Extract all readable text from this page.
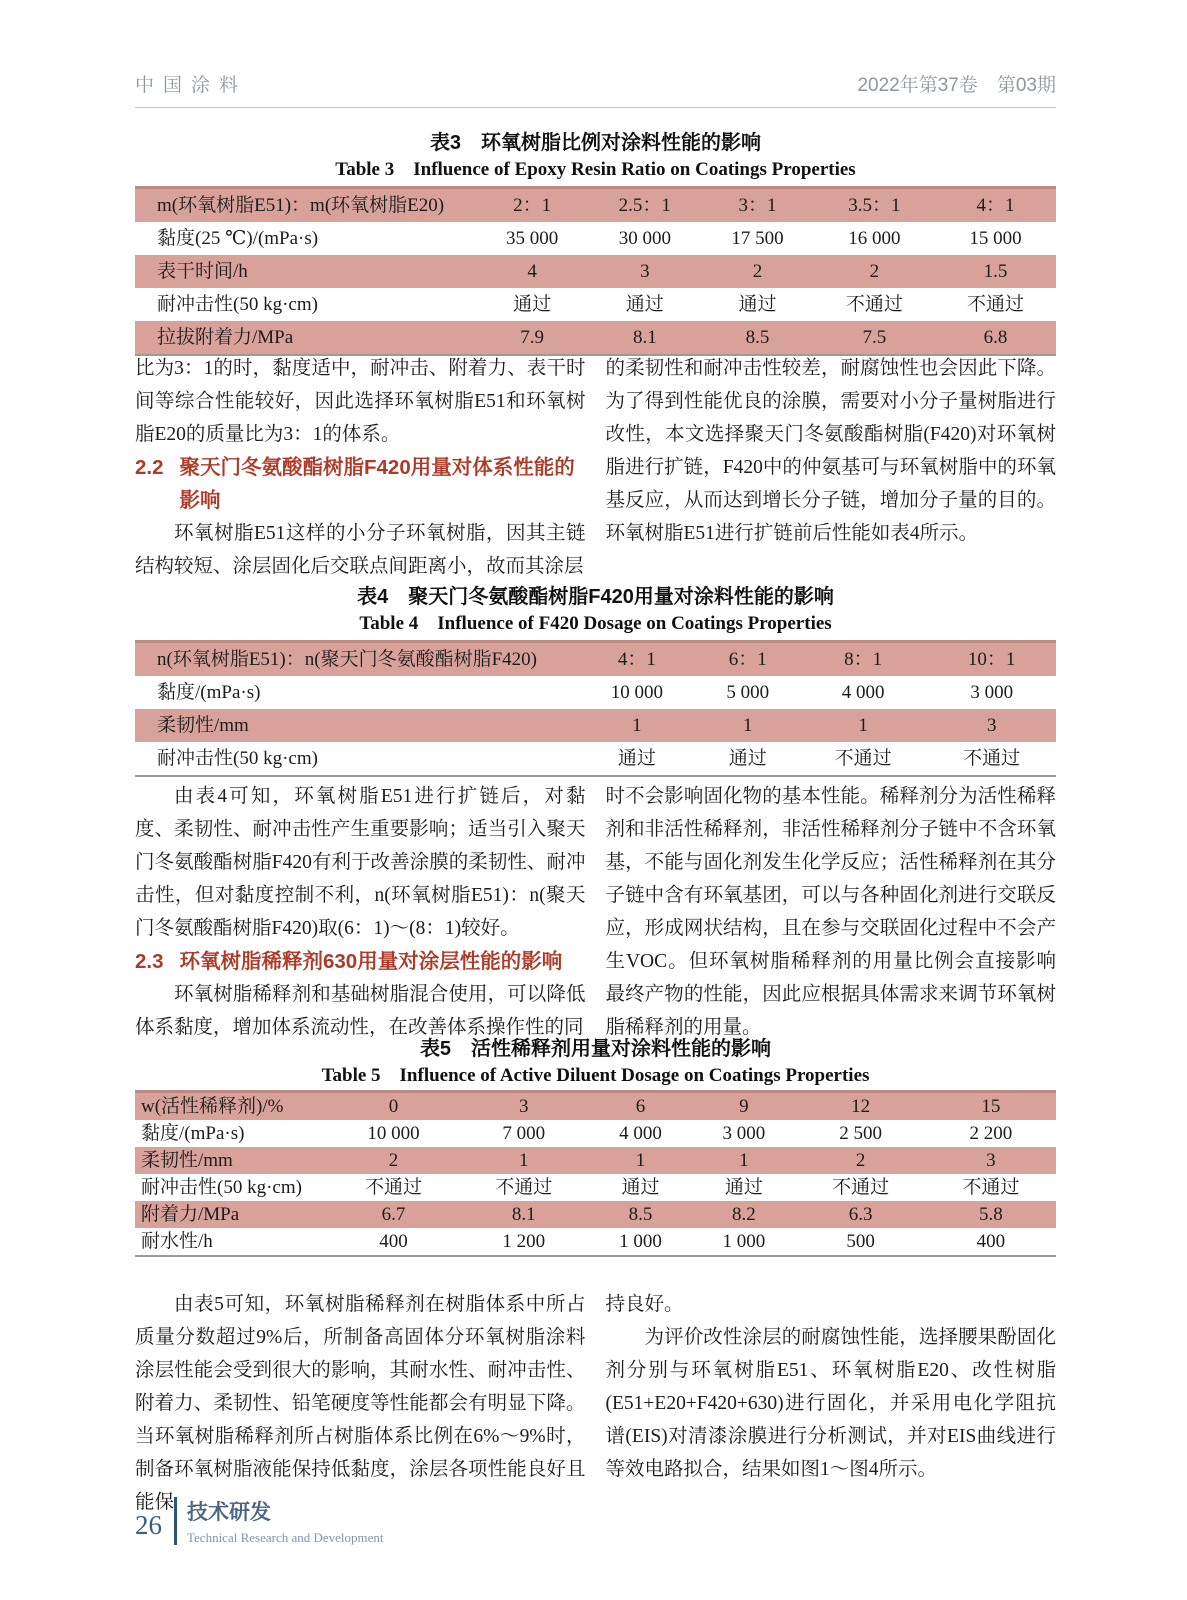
中国涂料	2022年第37卷　第03期
表3　环氧树脂比例对涂料性能的影响
Table 3　Influence of Epoxy Resin Ratio on Coatings Properties
m(环氧树脂E51)：m(环氧树脂E20)	2：1	2.5：1	3：1	3.5：1	4：1
黏度(25 ℃)/(mPa·s)	35 000	30 000	17 500	16 000	15 000
表干时间/h	4	3	2	2	1.5
耐冲击性(50 kg·cm)	通过	通过	通过	不通过	不通过
拉拔附着力/MPa	7.9	8.1	8.5	7.5	6.8

比为3：1的时，黏度适中，耐冲击、附着力、表干时间等综合性能较好，因此选择环氧树脂E51和环氧树脂E20的质量比为3：1的体系。

2.2 聚天门冬氨酸酯树脂F420用量对体系性能的影响

环氧树脂E51这样的小分子环氧树脂，因其主链结构较短、涂层固化后交联点间距离小，故而其涂层

的柔韧性和耐冲击性较差，耐腐蚀性也会因此下降。为了得到性能优良的涂膜，需要对小分子量树脂进行改性，本文选择聚天门冬氨酸酯树脂(F420)对环氧树脂进行扩链，F420中的仲氨基可与环氧树脂中的环氧基反应，从而达到增长分子链，增加分子量的目的。环氧树脂E51进行扩链前后性能如表4所示。

表4　聚天门冬氨酸酯树脂F420用量对涂料性能的影响
Table 4　Influence of F420 Dosage on Coatings Properties
n(环氧树脂E51)：n(聚天门冬氨酸酯树脂F420)	4：1	6：1	8：1	10：1
黏度/(mPa·s)	10 000	5 000	4 000	3 000
柔韧性/mm	1	1	1	3
耐冲击性(50 kg·cm)	通过	通过	不通过	不通过

由表4可知，环氧树脂E51进行扩链后，对黏度、柔韧性、耐冲击性产生重要影响；适当引入聚天门冬氨酸酯树脂F420有利于改善涂膜的柔韧性、耐冲击性，但对黏度控制不利，n(环氧树脂E51)：n(聚天门冬氨酸酯树脂F420)取(6：1)～(8：1)较好。

2.3 环氧树脂稀释剂630用量对涂层性能的影响

环氧树脂稀释剂和基础树脂混合使用，可以降低体系黏度，增加体系流动性，在改善体系操作性的同

时不会影响固化物的基本性能。稀释剂分为活性稀释剂和非活性稀释剂，非活性稀释剂分子链中不含环氧基，不能与固化剂发生化学反应；活性稀释剂在其分子链中含有环氧基团，可以与各种固化剂进行交联反应，形成网状结构，且在参与交联固化过程中不会产生VOC。但环氧树脂稀释剂的用量比例会直接影响最终产物的性能，因此应根据具体需求来调节环氧树脂稀释剂的用量。

表5　活性稀释剂用量对涂料性能的影响
Table 5　Influence of Active Diluent Dosage on Coatings Properties
w(活性稀释剂)/%	0	3	6	9	12	15
黏度/(mPa·s)	10 000	7 000	4 000	3 000	2 500	2 200
柔韧性/mm	2	1	1	1	2	3
耐冲击性(50 kg·cm)	不通过	不通过	通过	通过	不通过	不通过
附着力/MPa	6.7	8.1	8.5	8.2	6.3	5.8
耐水性/h	400	1 200	1 000	1 000	500	400

由表5可知，环氧树脂稀释剂在树脂体系中所占质量分数超过9%后，所制备高固体分环氧树脂涂料涂层性能会受到很大的影响，其耐水性、耐冲击性、附着力、柔韧性、铅笔硬度等性能都会有明显下降。当环氧树脂稀释剂所占树脂体系比例在6%～9%时，制备环氧树脂液能保持低黏度，涂层各项性能良好且能保

持良好。

为评价改性涂层的耐腐蚀性能，选择腰果酚固化剂分别与环氧树脂E51、环氧树脂E20、改性树脂(E51+E20+F420+630)进行固化，并采用电化学阻抗谱(EIS)对清漆涂膜进行分析测试，并对EIS曲线进行等效电路拟合，结果如图1～图4所示。

26 技术研发
Technical Research and Development
